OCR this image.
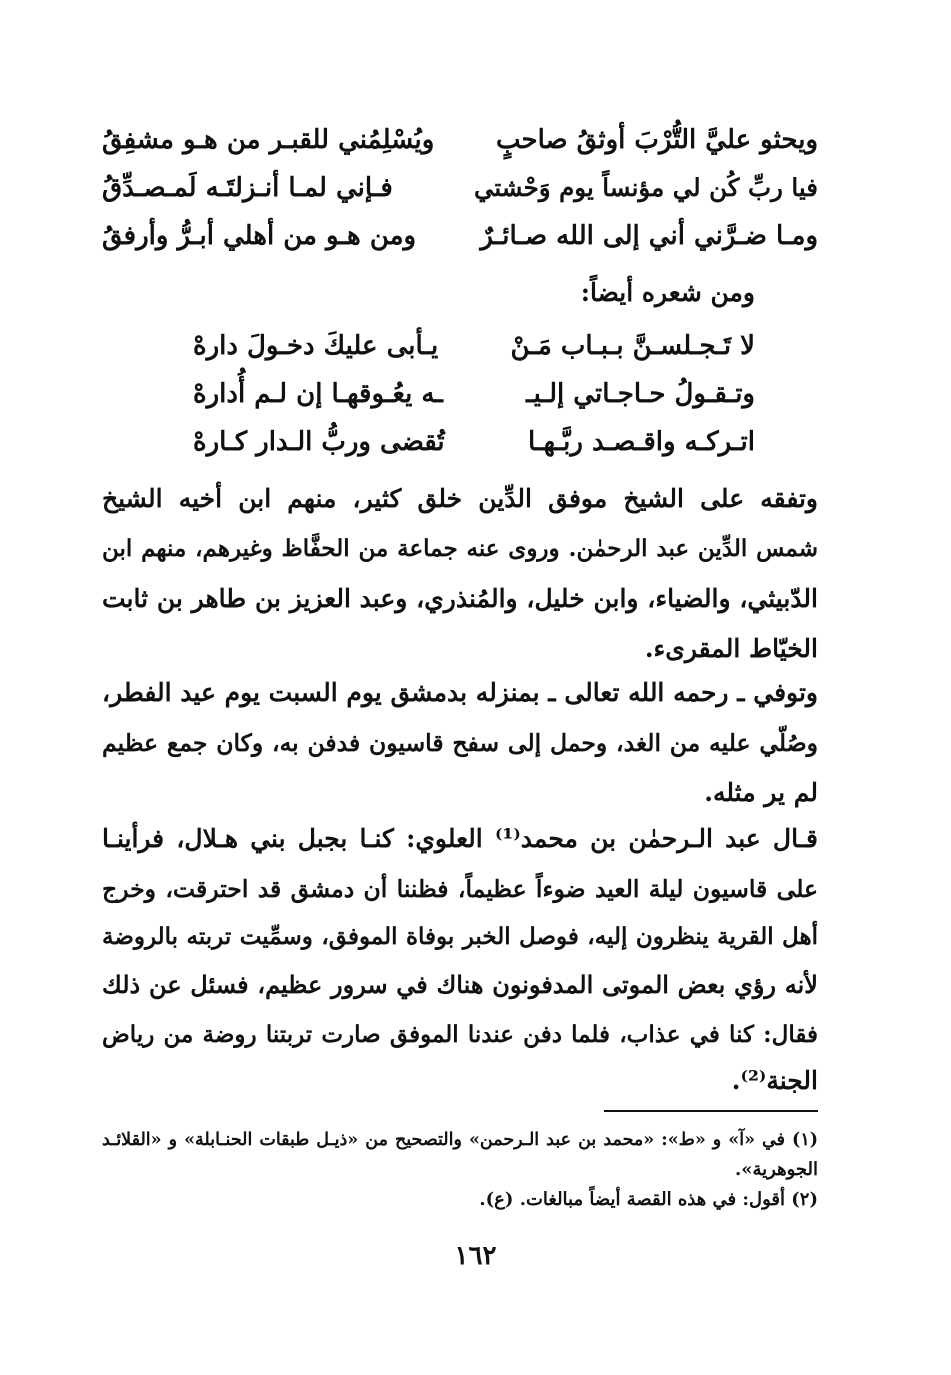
ويحثو عليَّ التُّرْبَ أوثقُ صاحبٍ
ويُسْلِمُني للقبـر من هـو مشفِقُ
فيا ربِّ كُن لي مؤنساً يوم وَحْشتي
فـإني لمـا أنـزلتَـه لَمـصـدِّقُ
ومـا ضـرَّني أني إلى الله صـائـرٌ
ومن هـو من أهلي أبـرُّ وأرفقُ
ومن شعره أيضاً:
لا تَـجـلسـنَّ بـبـاب مَـنْ
يـأبى عليكَ دخـولَ دارهْ
وتـقـولُ حـاجـاتي إلـيـ
ـه يعُـوقهـا إن لـم أُدارهْ
اتـركـه واقـصـد ربَّـهـا
تُقضى وربُّ الـدار كـارهْ
وتفقه على الشيخ موفق الدِّين خلق كثير، منهم ابن أخيه الشيخ
شمس الدِّين عبد الرحمٰن. وروى عنه جماعة من الحفَّاظ وغيرهم، منهم ابن
الدّبيثي، والضياء، وابن خليل، والمُنذري، وعبد العزيز بن طاهر بن ثابت
الخيّاط المقرىء.
وتوفي ـ رحمه الله تعالى ـ بمنزله بدمشق يوم السبت يوم عيد الفطر،
وصُلّي عليه من الغد، وحمل إلى سفح قاسيون فدفن به، وكان جمع عظيم
لم ير مثله.
قـال عبد الـرحمٰن بن محمد⁽¹⁾ العلوي: كنـا بجبل بني هـلال، فرأينـا
على قاسيون ليلة العيد ضوءاً عظيماً، فظننا أن دمشق قد احترقت، وخرج
أهل القرية ينظرون إليه، فوصل الخبر بوفاة الموفق، وسمِّيت تربته بالروضة
لأنه رؤي بعض الموتى المدفونون هناك في سرور عظيم، فسئل عن ذلك
فقال: كنا في عذاب، فلما دفن عندنا الموفق صارت تربتنا روضة من رياض
الجنة⁽²⁾.
(١) في «آ» و «ط»: «محمد بن عبد الـرحمن» والتصحيح من «ذيـل طبقات الحنـابلة» و «القلائـد
الجوهرية».
(٢) أقول: في هذه القصة أيضاً مبالغات. (ع).
١٦٢
